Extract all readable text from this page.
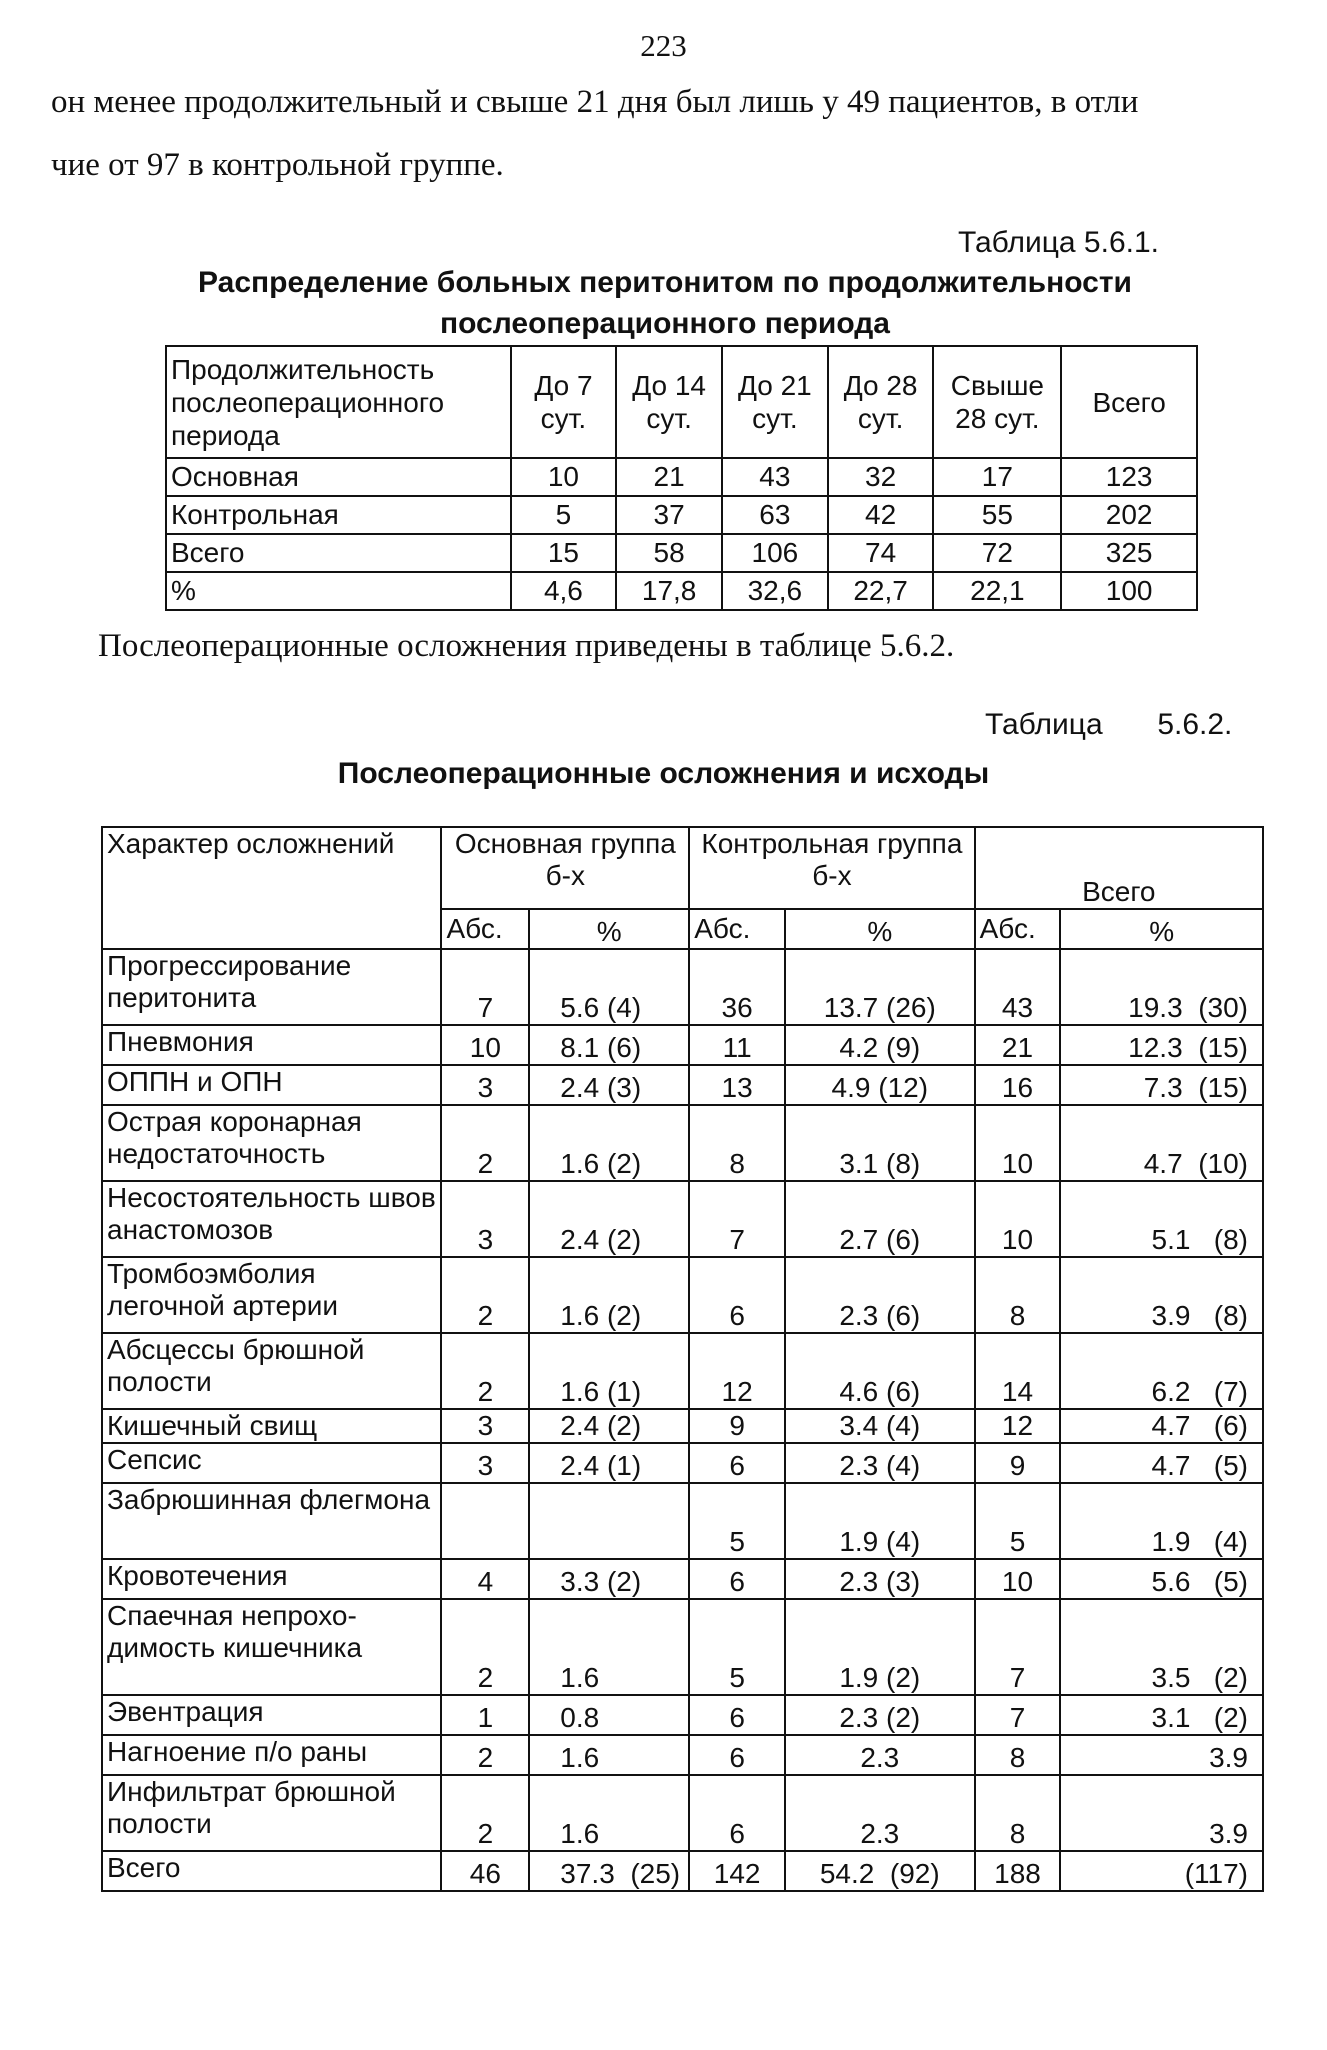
223
он менее продолжительный и свыше 21 дня был лишь у 49 пациентов, в отли
чие от 97 в контрольной группе.
Таблица 5.6.1.
Распределение больных перитонитом по продолжительности послеоперационного периода
Продолжительность послеоперационного периода	До 7 сут.	До 14 сут.	До 21 сут.	До 28 сут.	Свыше 28 сут.	Всего
Основная	10	21	43	32	17	123
Контрольная	5	37	63	42	55	202
Всего	15	58	106	74	72	325
%	4,6	17,8	32,6	22,7	22,1	100
Послеоперационные осложнения приведены в таблице 5.6.2.
Таблица 5.6.2.
Послеоперационные осложнения и исходы
Характер осложнений	Основная группа б-х		Контрольная группа б-х		Всего	
	Абс.	%	Абс.	%	Абс.	%
Прогрессирование перитонита	7	5.6 (4)	36	13.7 (26)	43	19.3  (30)
Пневмония	10	8.1 (6)	11	4.2 (9)	21	12.3  (15)
ОППН и ОПН	3	2.4 (3)	13	4.9 (12)	16	7.3  (15)
Острая коронарная недостаточность	2	1.6 (2)	8	3.1 (8)	10	4.7  (10)
Несостоятельность швов анастомозов	3	2.4 (2)	7	2.7 (6)	10	5.1   (8)
Тромбоэмболия легочной артерии	2	1.6 (2)	6	2.3 (6)	8	3.9   (8)
Абсцессы брюшной полости	2	1.6 (1)	12	4.6 (6)	14	6.2   (7)
Кишечный свищ	3	2.4 (2)	9	3.4 (4)	12	4.7   (6)
Сепсис	3	2.4 (1)	6	2.3 (4)	9	4.7   (5)
Забрюшинная флегмона			5	1.9 (4)	5	1.9   (4)
Кровотечения	4	3.3 (2)	6	2.3 (3)	10	5.6   (5)
Спаечная непрохо- димость кишечника	2	1.6	5	1.9 (2)	7	3.5   (2)
Эвентрация	1	0.8	6	2.3 (2)	7	3.1   (2)
Нагноение п/о раны	2	1.6	6	2.3	8	3.9
Инфильтрат брюшной полости	2	1.6	6	2.3	8	3.9
Всего	46	37.3  (25)	142	54.2  (92)	188	(117)
